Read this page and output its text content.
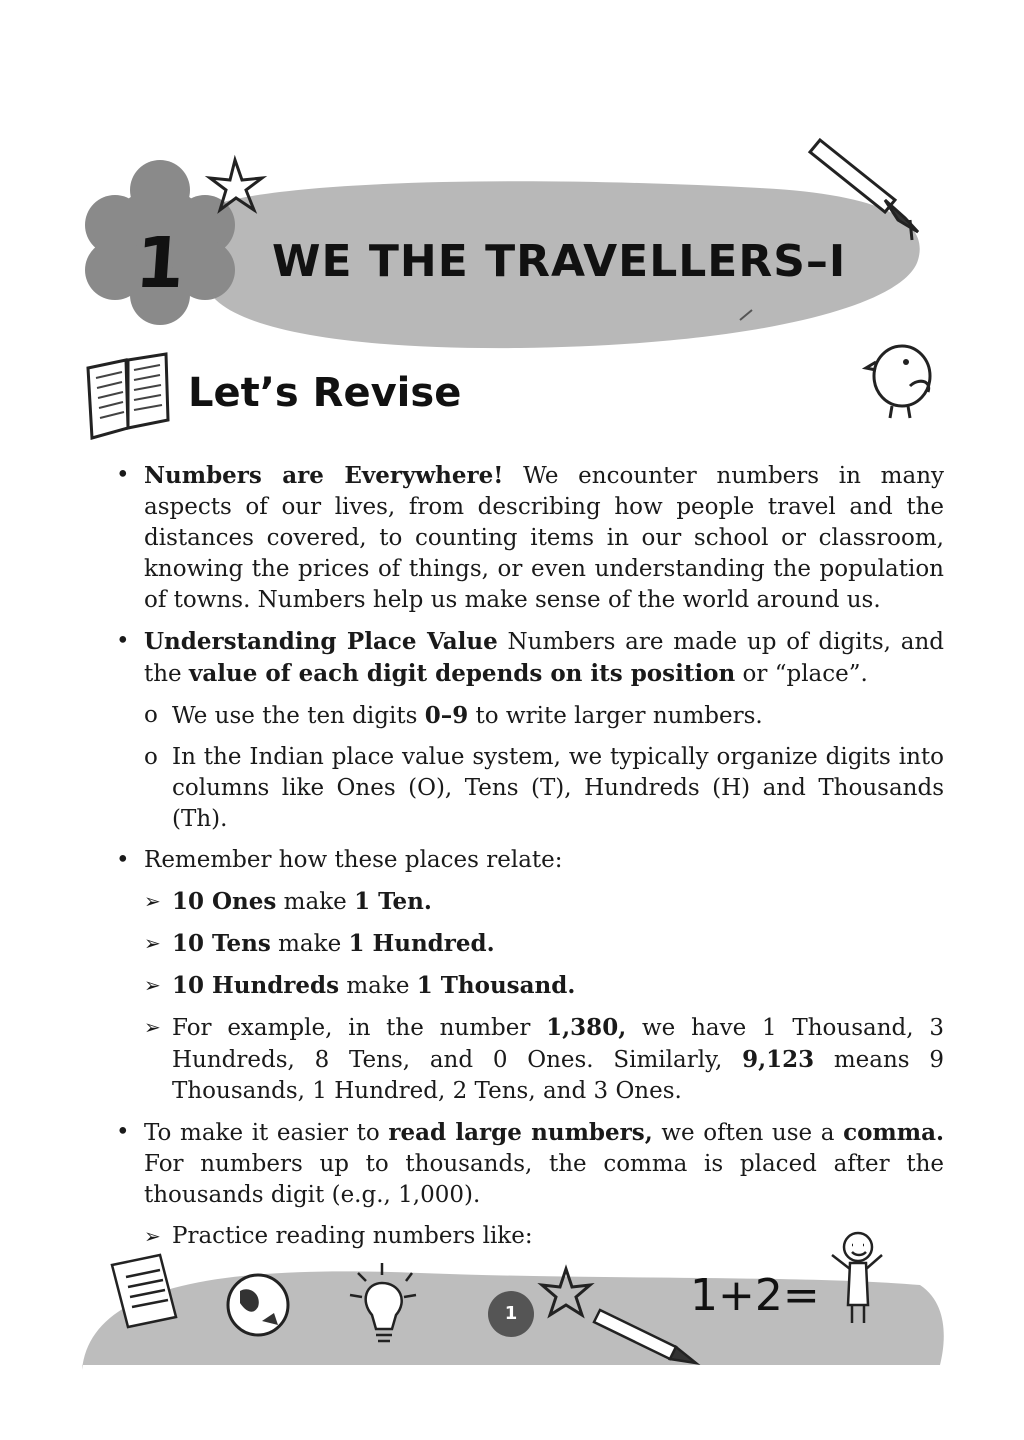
1 WE THE TRAVELLERS–I
Let’s Revise
• Numbers are Everywhere! We encounter numbers in many aspects of our lives, from describing how people travel and the distances covered, to counting items in our school or classroom, knowing the prices of things, or even understanding the population of towns. Numbers help us make sense of the world around us.
• Understanding Place Value Numbers are made up of digits, and the value of each digit depends on its position or “place”.
o We use the ten digits 0–9 to write larger numbers.
o In the Indian place value system, we typically organize digits into columns like Ones (O), Tens (T), Hundreds (H) and Thousands (Th).
• Remember how these places relate:
➢ 10 Ones make 1 Ten.
➢ 10 Tens make 1 Hundred.
➢ 10 Hundreds make 1 Thousand.
➢ For example, in the number 1,380, we have 1 Thousand, 3 Hundreds, 8 Tens, and 0 Ones. Similarly, 9,123 means 9 Thousands, 1 Hundred, 2 Tens, and 3 Ones.
• To make it easier to read large numbers, we often use a comma. For numbers up to thousands, the comma is placed after the thousands digit (e.g., 1,000).
➢ Practice reading numbers like:
1	1+2=
